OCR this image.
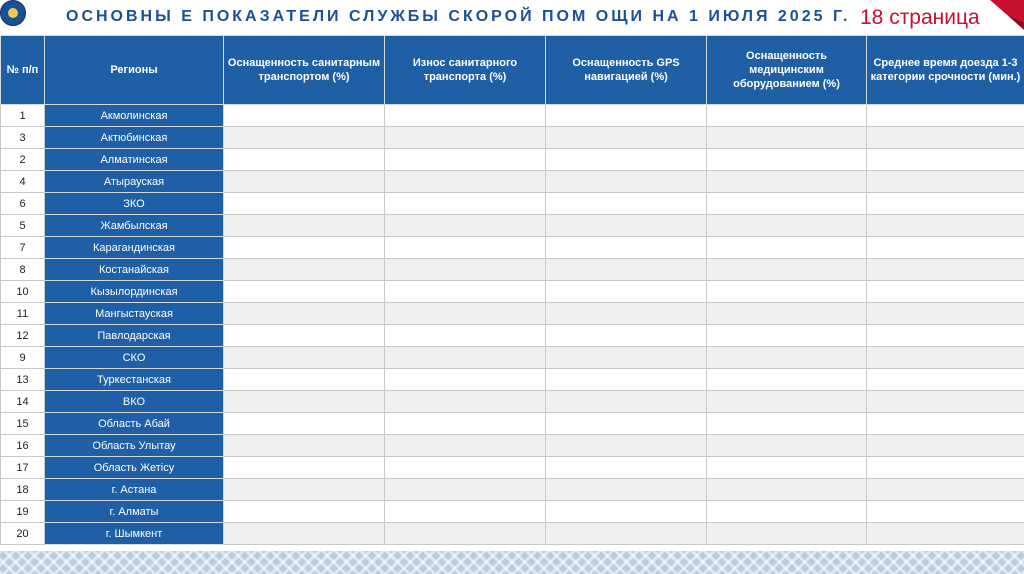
ОСНОВНЫ Е ПОКАЗАТЕЛИ СЛУЖБЫ СКОРОЙ ПОМ ОЩИ НА 1 ИЮЛЯ 2025 Г. 18 страница
№ п/п	Регионы	Оснащенность санитарным транспортом (%)	Износ санитарного транспорта (%)	Оснащенность GPS навигацией (%)	Оснащенность медицинским оборудованием (%)	Среднее время доезда 1-3 категории срочности (мин.)
1	Акмолинская					
3	Актюбинская					
2	Алматинская					
4	Атырауская					
6	ЗКО					
5	Жамбылская					
7	Карагандинская					
8	Костанайская					
10	Кызылординская					
11	Мангыстауская					
12	Павлодарская					
9	СКО					
13	Туркестанская					
14	ВКО					
15	Область Абай					
16	Область Улытау					
17	Область Жетісу					
18	г. Астана					
19	г. Алматы					
20	г. Шымкент					
